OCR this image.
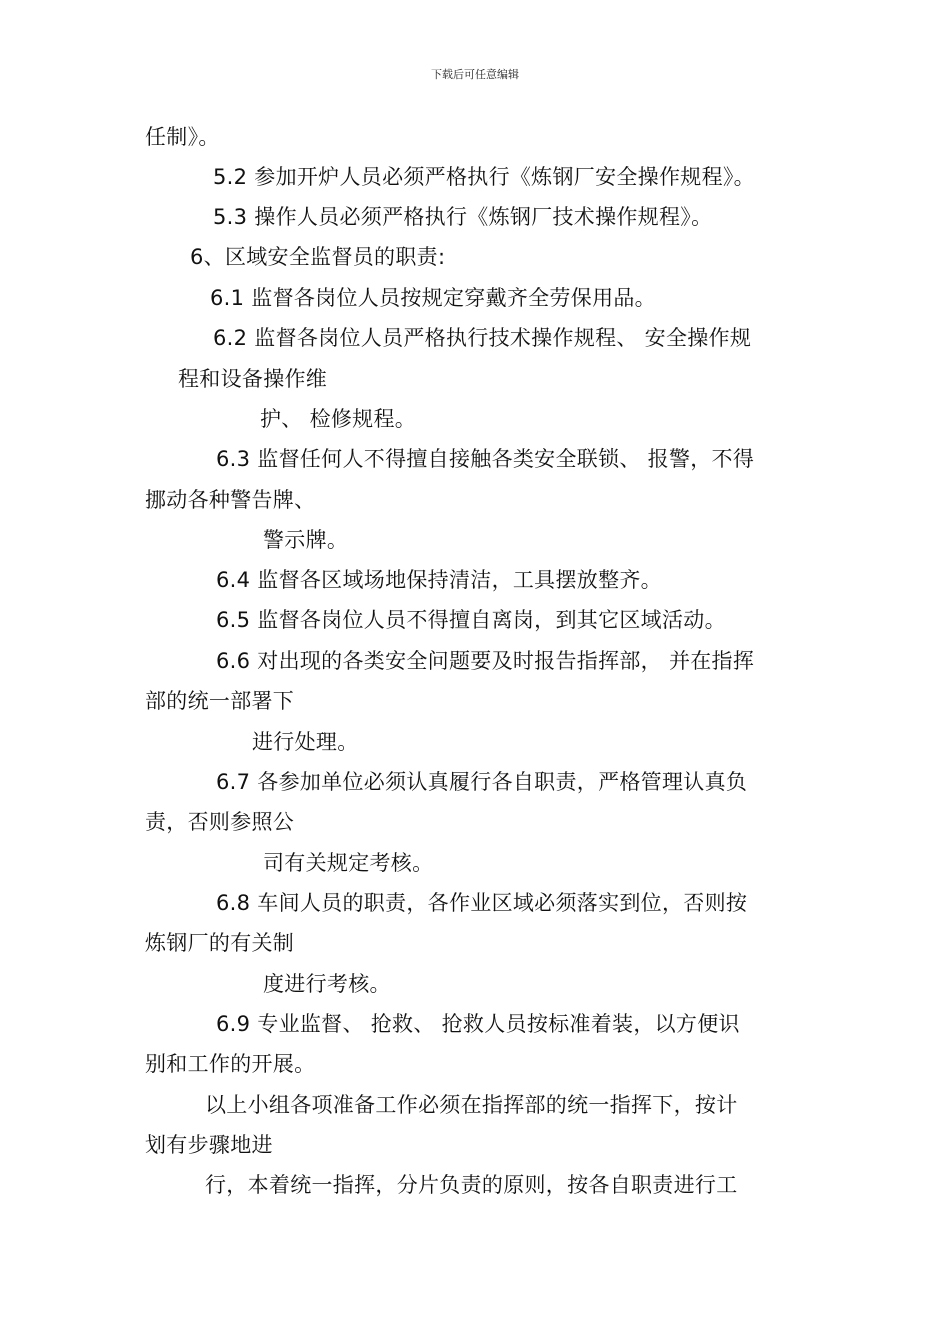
下载后可任意编辑
任制》。
5.2 参加开炉人员必须严格执行《炼钢厂安全操作规程》。
5.3 操作人员必须严格执行《炼钢厂技术操作规程》。
6、区域安全监督员的职责:
6.1 监督各岗位人员按规定穿戴齐全劳保用品。
6.2 监督各岗位人员严格执行技术操作规程、 安全操作规
程和设备操作维
护、 检修规程。
6.3 监督任何人不得擅自接触各类安全联锁、 报警，不得
挪动各种警告牌、
警示牌。
6.4 监督各区域场地保持清洁，工具摆放整齐。
6.5 监督各岗位人员不得擅自离岗，到其它区域活动。
6.6 对出现的各类安全问题要及时报告指挥部， 并在指挥
部的统一部署下
进行处理。
6.7 各参加单位必须认真履行各自职责，严格管理认真负
责，否则参照公
司有关规定考核。
6.8 车间人员的职责，各作业区域必须落实到位，否则按
炼钢厂的有关制
度进行考核。
6.9 专业监督、 抢救、 抢救人员按标准着装，以方便识
别和工作的开展。
以上小组各项准备工作必须在指挥部的统一指挥下，按计
划有步骤地进
行，本着统一指挥，分片负责的原则，按各自职责进行工
